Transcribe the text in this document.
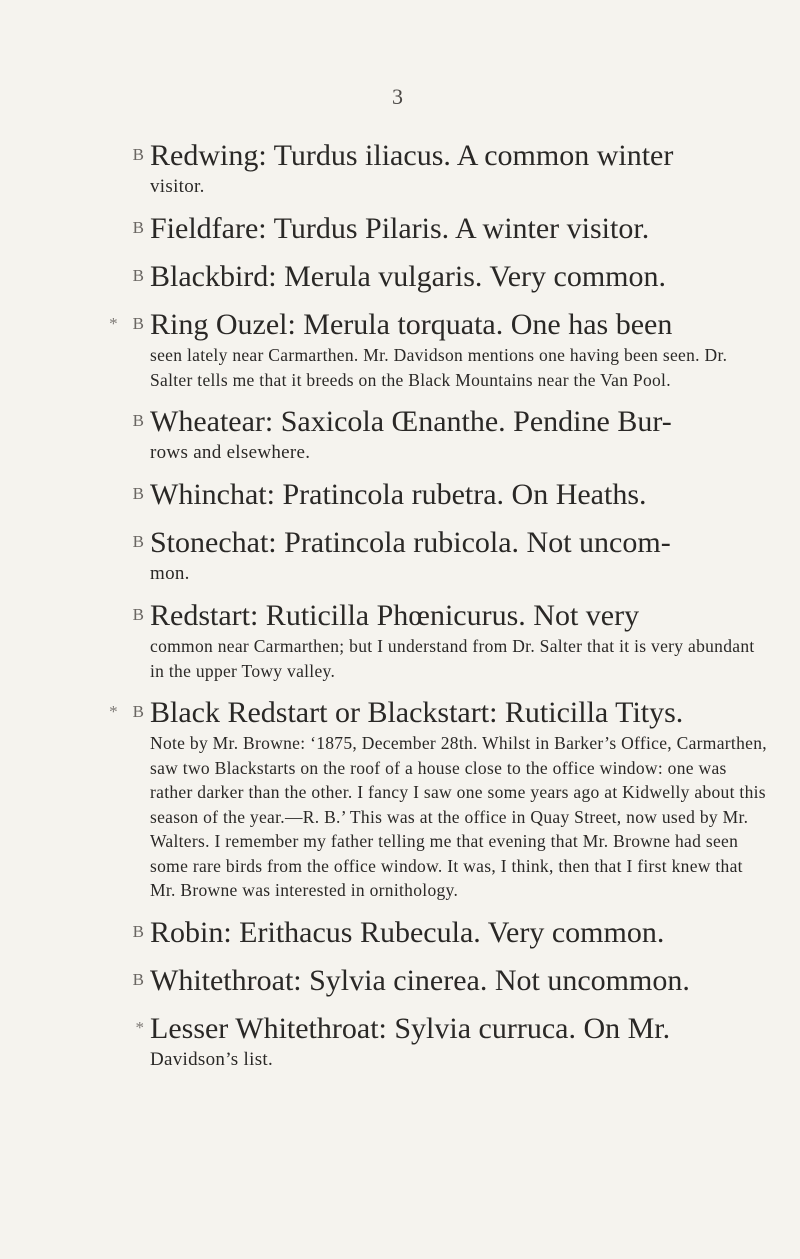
3
B Redwing: Turdus iliacus. A common winter
visitor.
B Fieldfare: Turdus Pilaris. A winter visitor.
B Blackbird: Merula vulgaris. Very common.
* B Ring Ouzel: Merula torquata. One has been
seen lately near Carmarthen. Mr. Davidson mentions one having been seen. Dr. Salter tells me that it breeds on the Black Mountains near the Van Pool.
B Wheatear: Saxicola Œnanthe. Pendine Bur-
rows and elsewhere.
B Whinchat: Pratincola rubetra. On Heaths.
B Stonechat: Pratincola rubicola. Not uncom-
mon.
B Redstart: Ruticilla Phœnicurus. Not very
common near Carmarthen; but I understand from Dr. Salter that it is very abundant in the upper Towy valley.
* B Black Redstart or Blackstart: Ruticilla Titys.
Note by Mr. Browne: ‘1875, December 28th. Whilst in Barker’s Office, Carmarthen, saw two Blackstarts on the roof of a house close to the office window: one was rather darker than the other. I fancy I saw one some years ago at Kidwelly about this season of the year.—R. B.’ This was at the office in Quay Street, now used by Mr. Walters. I remember my father telling me that evening that Mr. Browne had seen some rare birds from the office window. It was, I think, then that I first knew that Mr. Browne was interested in ornithology.
B Robin: Erithacus Rubecula. Very common.
B Whitethroat: Sylvia cinerea. Not uncommon.
* Lesser Whitethroat: Sylvia curruca. On Mr.
Davidson’s list.
